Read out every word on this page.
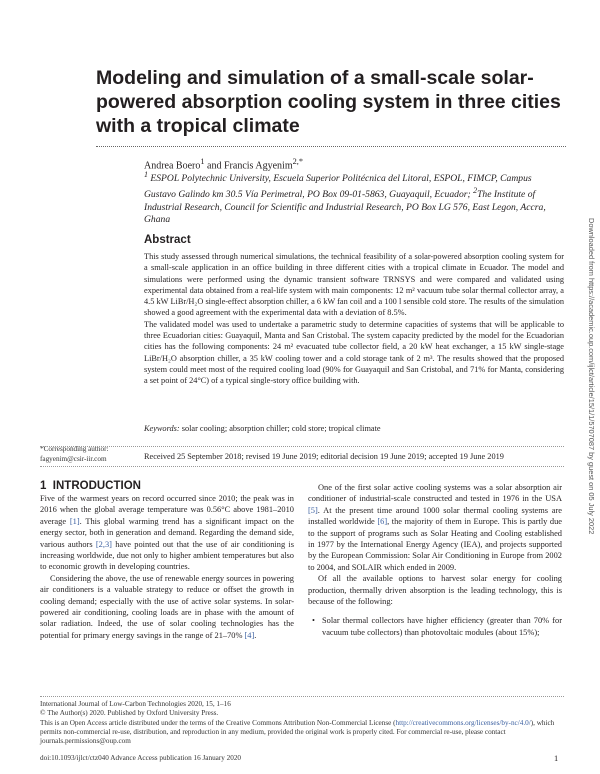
Modeling and simulation of a small-scale solar-powered absorption cooling system in three cities with a tropical climate
Andrea Boero$^1$ and Francis Agyenim$^{2,*}$
$^1$ ESPOL Polytechnic University, Escuela Superior Politécnica del Litoral, ESPOL, FIMCP, Campus Gustavo Galindo km 30.5 Vía Perimetral, PO Box 09-01-5863, Guayaquil, Ecuador; $^2$The Institute of Industrial Research, Council for Scientific and Industrial Research, PO Box LG 576, East Legon, Accra, Ghana
Abstract

This study assessed through numerical simulations, the technical feasibility of a solar-powered absorption cooling system for a small-scale application in an office building in three different cities with a tropical climate in Ecuador. The model and simulations were performed using the dynamic transient software TRNSYS and were compared and validated using experimental data obtained from a real-life system with main components: 12 m² vacuum tube solar thermal collector array, a 4.5 kW LiBr/H₂O single-effect absorption chiller, a 6 kW fan coil and a 100 l sensible cold store. The results of the simulation showed a good agreement with the experimental data with a deviation of 8.5%.

The validated model was used to undertake a parametric study to determine capacities of systems that will be applicable to three Ecuadorian cities: Guayaquil, Manta and San Cristobal. The system capacity predicted by the model for the Ecuadorian cities has the following components: 24 m² evacuated tube collector field, a 20 kW heat exchanger, a 15 kW single-stage LiBr/H₂O absorption chiller, a 35 kW cooling tower and a cold storage tank of 2 m³. The results showed that the proposed system could meet most of the required cooling load (90% for Guayaquil and San Cristobal, and 71% for Manta, considering a set point of 24°C) of a typical single-story office building with.

Keywords: solar cooling; absorption chiller; cold store; tropical climate
*Corresponding author:
fagyenim@csir-iir.com	Received 25 September 2018; revised 19 June 2019; editorial decision 19 June 2019; accepted 19 June 2019
1 INTRODUCTION

Five of the warmest years on record occurred since 2010; the peak was in 2016 when the global average temperature was 0.56°C above 1981–2010 average [1]. This global warming trend has a significant impact on the energy sector, both in generation and demand. Regarding the demand side, various authors [2,3] have pointed out that the use of air conditioning is increasing worldwide, due not only to higher ambient temperatures but also to economic growth in developing countries.

Considering the above, the use of renewable energy sources in powering air conditioners is a valuable strategy to reduce or offset the growth in cooling demand; especially with the use of active solar systems. In solar-powered air conditioning, cooling loads are in phase with the amount of solar radiation. Indeed, the use of solar cooling technologies has the potential for primary energy savings in the range of 21–70% [4].

One of the first solar active cooling systems was a solar absorption air conditioner of industrial-scale constructed and tested in 1976 in the USA [5]. At the present time around 1000 solar thermal cooling systems are installed worldwide [6], the majority of them in Europe. This is partly due to the support of programs such as Solar Heating and Cooling established in 1977 by the International Energy Agency (IEA), and projects supported by the European Commission: Solar Air Conditioning in Europe from 2002 to 2004, and SOLAIR which ended in 2009.

Of all the available options to harvest solar energy for cooling production, thermally driven absorption is the leading technology, this is because of the following:

• Solar thermal collectors have higher efficiency (greater than 70% for vacuum tube collectors) than photovoltaic modules (about 15%);

International Journal of Low-Carbon Technologies 2020, 15, 1–16
© The Author(s) 2020. Published by Oxford University Press.
This is an Open Access article distributed under the terms of the Creative Commons Attribution Non-Commercial License (http://creativecommons.org/licenses/by-nc/4.0/), which permits non-commercial re-use, distribution, and reproduction in any medium, provided the original work is properly cited. For commercial re-use, please contact journals.permissions@oup.com
doi:10.1093/ijlct/ctz040 Advance Access publication 16 January 2020	1
Downloaded from https://academic.oup.com/ijlct/article/15/1/1/5707087 by guest on 05 July 2022
